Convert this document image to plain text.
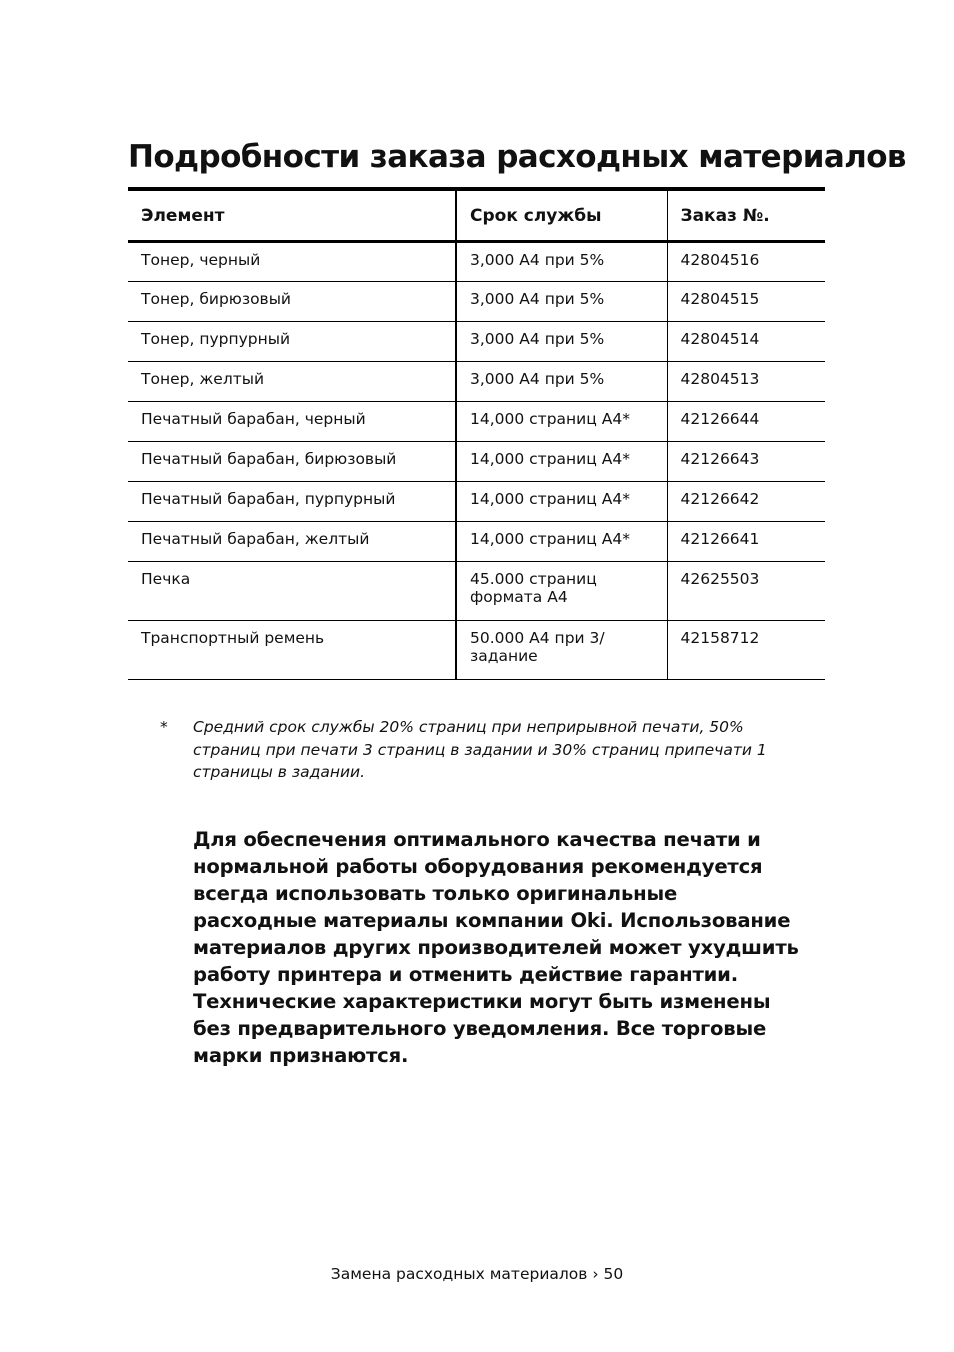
Подробности заказа расходных материалов
Элемент	Срок службы	Заказ №.
Тонер, черный	3,000 A4 при 5%	42804516
Тонер, бирюзовый	3,000 A4 при 5%	42804515
Тонер, пурпурный	3,000 A4 при 5%	42804514
Тонер, желтый	3,000 A4 при 5%	42804513
Печатный барабан, черный	14,000 страниц A4*	42126644
Печатный барабан, бирюзовый	14,000 страниц A4*	42126643
Печатный барабан, пурпурный	14,000 страниц A4*	42126642
Печатный барабан, желтый	14,000 страниц A4*	42126641
Печка	45.000 страниц формата A4	42625503
Транспортный ремень	50.000 A4 при 3/задание	42158712
* Средний срок службы 20% страниц при неприрывной печати, 50% страниц при печати 3 страниц в задании и 30% страниц припечати 1 страницы в задании.

Для обеспечения оптимального качества печати и нормальной работы оборудования рекомендуется всегда использовать только оригинальные расходные материалы компании Oki. Использование материалов других производителей может ухудшить работу принтера и отменить действие гарантии. Технические характеристики могут быть изменены без предварительного уведомления. Все торговые марки признаются.

Замена расходных материалов › 50
